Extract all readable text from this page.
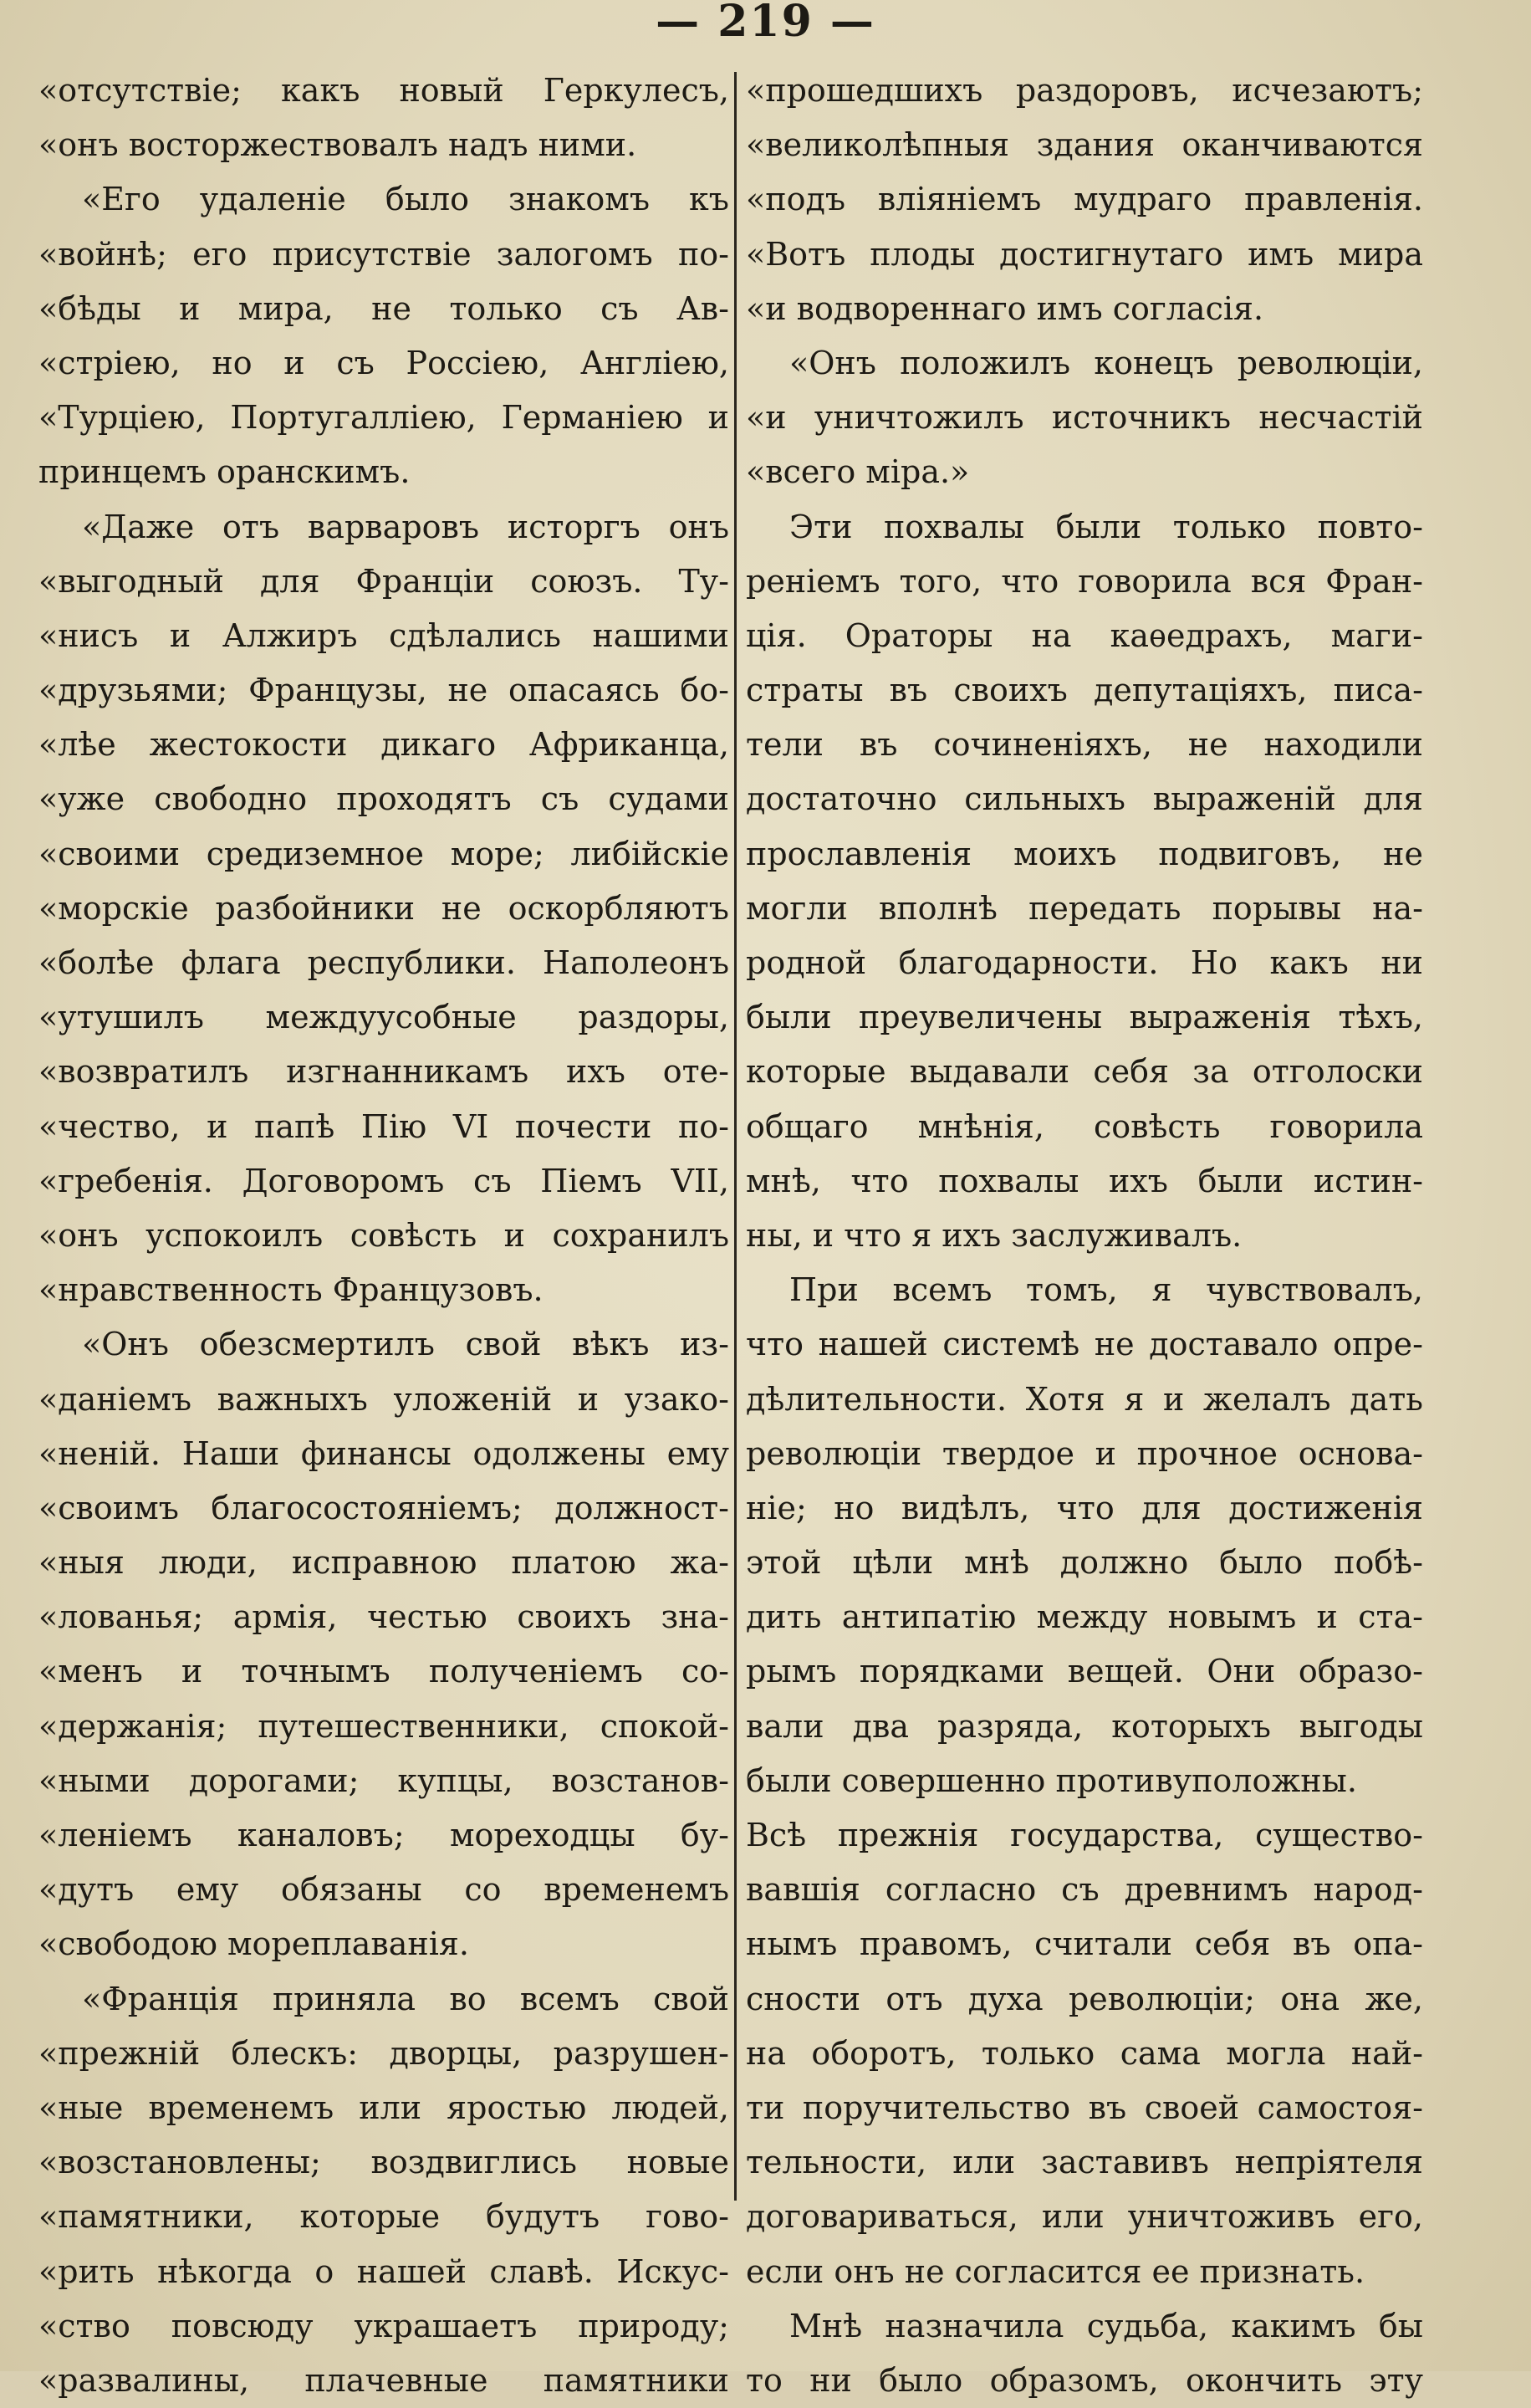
— 219 —
«отсутствіе; какъ новый Геркулесъ,
«онъ восторжествовалъ надъ ними.
«Его удаленіе было знакомъ къ
«войнѣ; его присутствіе залогомъ по-
«бѣды и мира, не только съ Ав-
«стріею, но и съ Россіею, Англіею,
«Турціею, Португалліею, Германіею и
принцемъ оранскимъ.
«Даже отъ варваровъ исторгъ онъ
«выгодный для Франціи союзъ. Ту-
«нисъ и Алжиръ сдѣлались нашими
«друзьями; Французы, не опасаясь бо-
«лѣе жестокости дикаго Африканца,
«уже свободно проходятъ съ судами
«своими средиземное море; либійскіе
«морскіе разбойники не оскорбляютъ
«болѣе флага республики. Наполеонъ
«утушилъ междуусобные раздоры,
«возвратилъ изгнанникамъ ихъ оте-
«чество, и папѣ Пію VI почести по-
«гребенія. Договоромъ съ Піемъ VII,
«онъ успокоилъ совѣсть и сохранилъ
«нравственность Французовъ.
«Онъ обезсмертилъ свой вѣкъ из-
«даніемъ важныхъ уложеній и узако-
«неній. Наши финансы одолжены ему
«своимъ благосостояніемъ; должност-
«ныя люди, исправною платою жа-
«лованья; армія, честью своихъ зна-
«менъ и точнымъ полученіемъ со-
«держанія; путешественники, спокой-
«ными дорогами; купцы, возстанов-
«леніемъ каналовъ; мореходцы бу-
«дутъ ему обязаны со временемъ
«свободою мореплаванія.
«Франція приняла во всемъ свой
«прежній блескъ: дворцы, разрушен-
«ные временемъ или яростью людей,
«возстановлены; воздвиглись новые
«памятники, которые будутъ гово-
«рить нѣкогда о нашей славѣ. Искус-
«ство повсюду украшаетъ природу;
«развалины, плачевные памятники
«прошедшихъ раздоровъ, исчезаютъ;
«великолѣпныя здания оканчиваются
«подъ вліяніемъ мудраго правленія.
«Вотъ плоды достигнутаго имъ мира
«и водвореннаго имъ согласія.
«Онъ положилъ конецъ революціи,
«и уничтожилъ источникъ несчастій
«всего міра.»
Эти похвалы были только повто-
реніемъ того, что говорила вся Фран-
ція. Ораторы на каѳедрахъ, маги-
страты въ своихъ депутаціяхъ, писа-
тели въ сочиненіяхъ, не находили
достаточно сильныхъ выраженій для
прославленія моихъ подвиговъ, не
могли вполнѣ передать порывы на-
родной благодарности. Но какъ ни
были преувеличены выраженія тѣхъ,
которые выдавали себя за отголоски
общаго мнѣнія, совѣсть говорила
мнѣ, что похвалы ихъ были истин-
ны, и что я ихъ заслуживалъ.
При всемъ томъ, я чувствовалъ,
что нашей системѣ не доставало опре-
дѣлительности. Хотя я и желалъ дать
революціи твердое и прочное основа-
ніе; но видѣлъ, что для достиженія
этой цѣли мнѣ должно было побѣ-
дить антипатію между новымъ и ста-
рымъ порядками вещей. Они образо-
вали два разряда, которыхъ выгоды
были совершенно противуположны.
Всѣ прежнія государства, существо-
вавшія согласно съ древнимъ народ-
нымъ правомъ, считали себя въ опа-
сности отъ духа революціи; она же,
на оборотъ, только сама могла най-
ти поручительство въ своей самостоя-
тельности, или заставивъ непріятеля
договариваться, или уничтоживъ его,
если онъ не согласится ее признать.
Мнѣ назначила судьба, какимъ бы
то ни было образомъ, окончить эту
